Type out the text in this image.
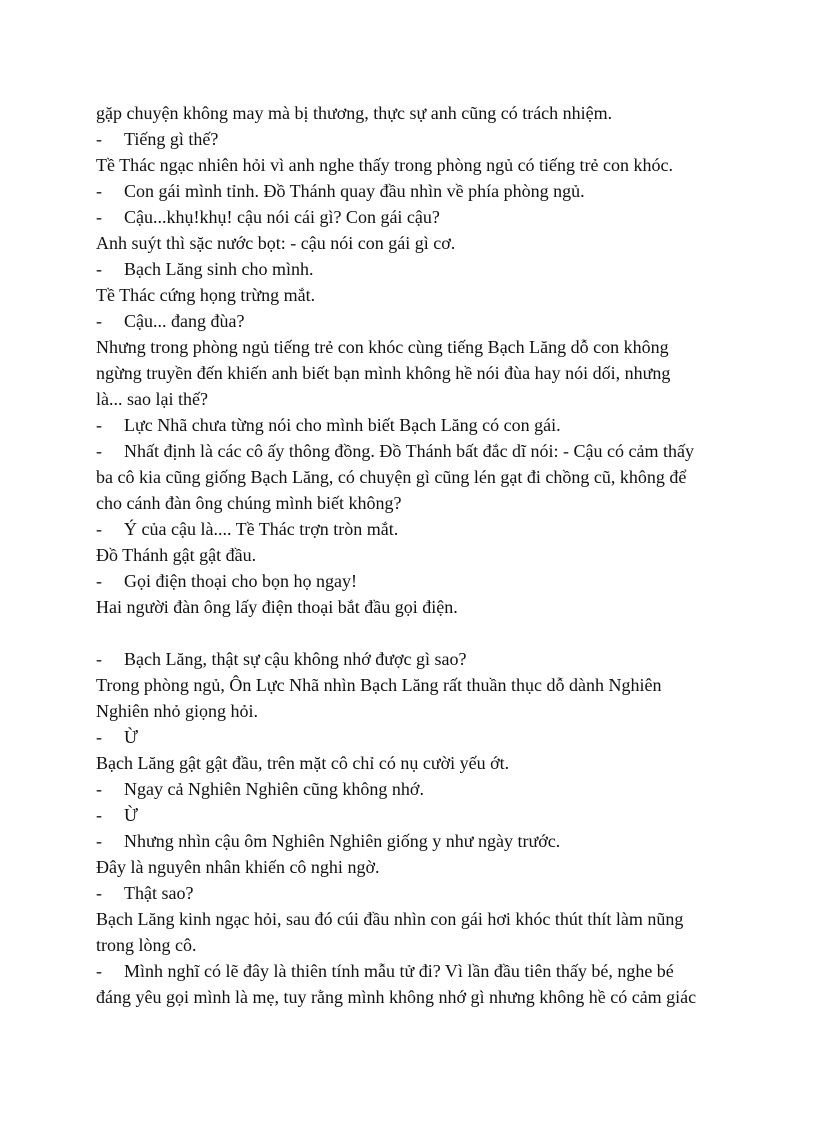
gặp chuyện không may mà bị thương, thực sự anh cũng có trách nhiệm.
-	Tiếng gì thế?
Tề Thác ngạc nhiên hỏi vì anh nghe thấy trong phòng ngủ có tiếng trẻ con khóc.
-	Con gái mình tỉnh. Đồ Thánh quay đầu nhìn về phía phòng ngủ.
-	Cậu...khụ!khụ! cậu nói cái gì? Con gái cậu?
Anh suýt thì sặc nước bọt: - cậu nói con gái gì cơ.
-	Bạch Lăng sinh cho mình.
Tề Thác cứng họng trừng mắt.
-	Cậu... đang đùa?
Nhưng trong phòng ngủ tiếng trẻ con khóc cùng tiếng Bạch Lăng dỗ con không
ngừng truyền đến khiến anh biết bạn mình không hề nói đùa hay nói dối, nhưng
là... sao lại thế?
-	Lực Nhã chưa từng nói cho mình biết Bạch Lăng có con gái.
-	Nhất định là các cô ấy thông đồng. Đồ Thánh bất đắc dĩ nói: - Cậu có cảm thấy
ba cô kia cũng giống Bạch Lăng, có chuyện gì cũng lén gạt đi chồng cũ, không để
cho cánh đàn ông chúng mình biết không?
-	Ý của cậu là.... Tề Thác trợn tròn mắt.
Đồ Thánh gật gật đầu.
-	Gọi điện thoại cho bọn họ ngay!
Hai người đàn ông lấy điện thoại bắt đầu gọi điện.
-	Bạch Lăng, thật sự cậu không nhớ được gì sao?
Trong phòng ngủ, Ôn Lực Nhã nhìn Bạch Lăng rất thuần thục dỗ dành Nghiên
Nghiên nhỏ giọng hỏi.
-	Ừ
Bạch Lăng gật gật đầu, trên mặt cô chỉ có nụ cười yếu ớt.
-	Ngay cả Nghiên Nghiên cũng không nhớ.
-	Ừ
-	Nhưng nhìn cậu ôm Nghiên Nghiên giống y như ngày trước.
Đây là nguyên nhân khiến cô nghi ngờ.
-	Thật sao?
Bạch Lăng kinh ngạc hỏi, sau đó cúi đầu nhìn con gái hơi khóc thút thít làm nũng
trong lòng cô.
-	Mình nghĩ có lẽ đây là thiên tính mẫu tử đi? Vì lần đầu tiên thấy bé, nghe bé
đáng yêu gọi mình là mẹ, tuy rằng mình không nhớ gì nhưng không hề có cảm giác
